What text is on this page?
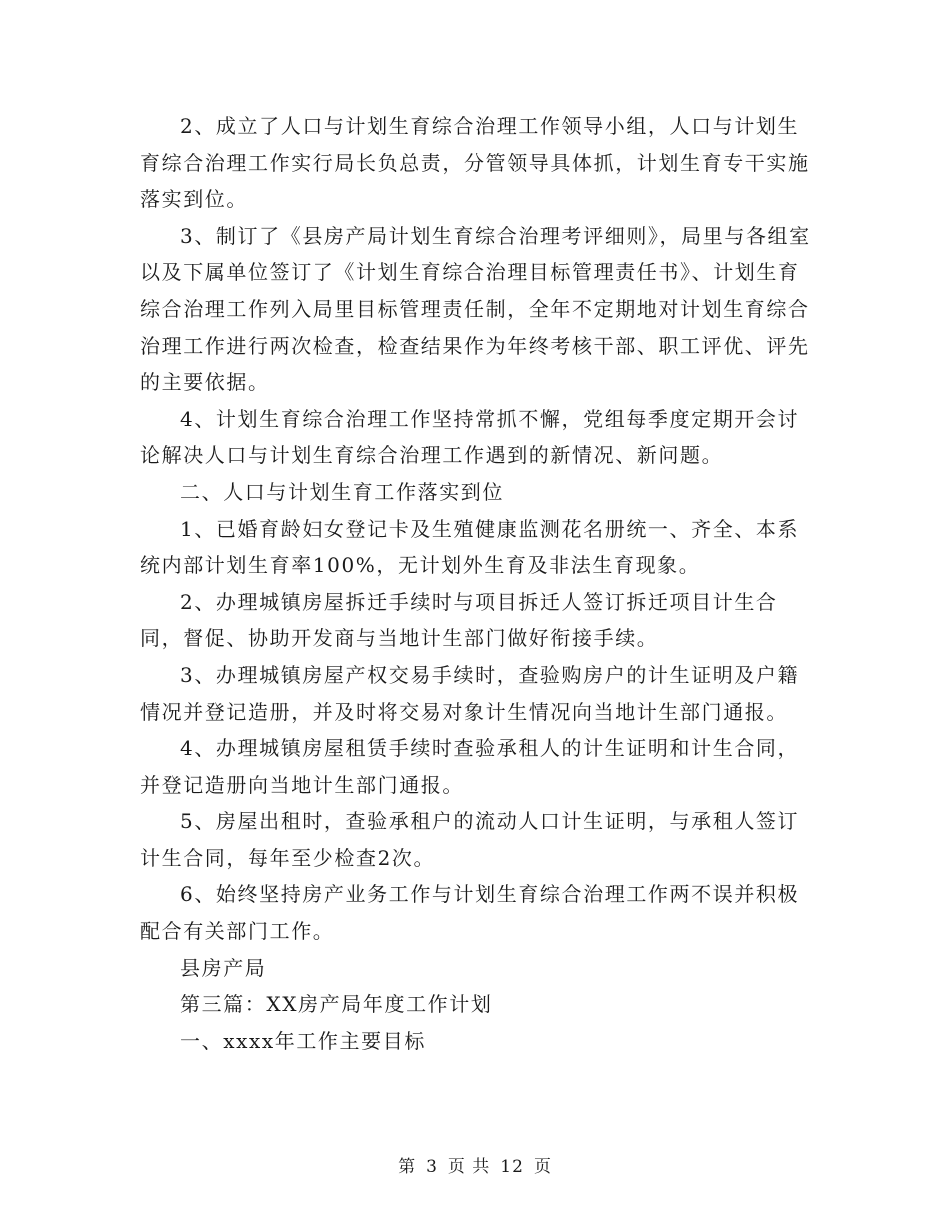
2、成立了人口与计划生育综合治理工作领导小组，人口与计划生育综合治理工作实行局长负总责，分管领导具体抓，计划生育专干实施落实到位。

3、制订了《县房产局计划生育综合治理考评细则》，局里与各组室以及下属单位签订了《计划生育综合治理目标管理责任书》、计划生育综合治理工作列入局里目标管理责任制，全年不定期地对计划生育综合治理工作进行两次检查，检查结果作为年终考核干部、职工评优、评先的主要依据。

4、计划生育综合治理工作坚持常抓不懈，党组每季度定期开会讨论解决人口与计划生育综合治理工作遇到的新情况、新问题。

二、人口与计划生育工作落实到位

1、已婚育龄妇女登记卡及生殖健康监测花名册统一、齐全、本系统内部计划生育率100%，无计划外生育及非法生育现象。

2、办理城镇房屋拆迁手续时与项目拆迁人签订拆迁项目计生合同，督促、协助开发商与当地计生部门做好衔接手续。

3、办理城镇房屋产权交易手续时，查验购房户的计生证明及户籍情况并登记造册，并及时将交易对象计生情况向当地计生部门通报。

4、办理城镇房屋租赁手续时查验承租人的计生证明和计生合同，并登记造册向当地计生部门通报。

5、房屋出租时，查验承租户的流动人口计生证明，与承租人签订计生合同，每年至少检查2次。

6、始终坚持房产业务工作与计划生育综合治理工作两不误并积极配合有关部门工作。

县房产局

第三篇：XX房产局年度工作计划

一、xxxx年工作主要目标

第 3 页 共 12 页
